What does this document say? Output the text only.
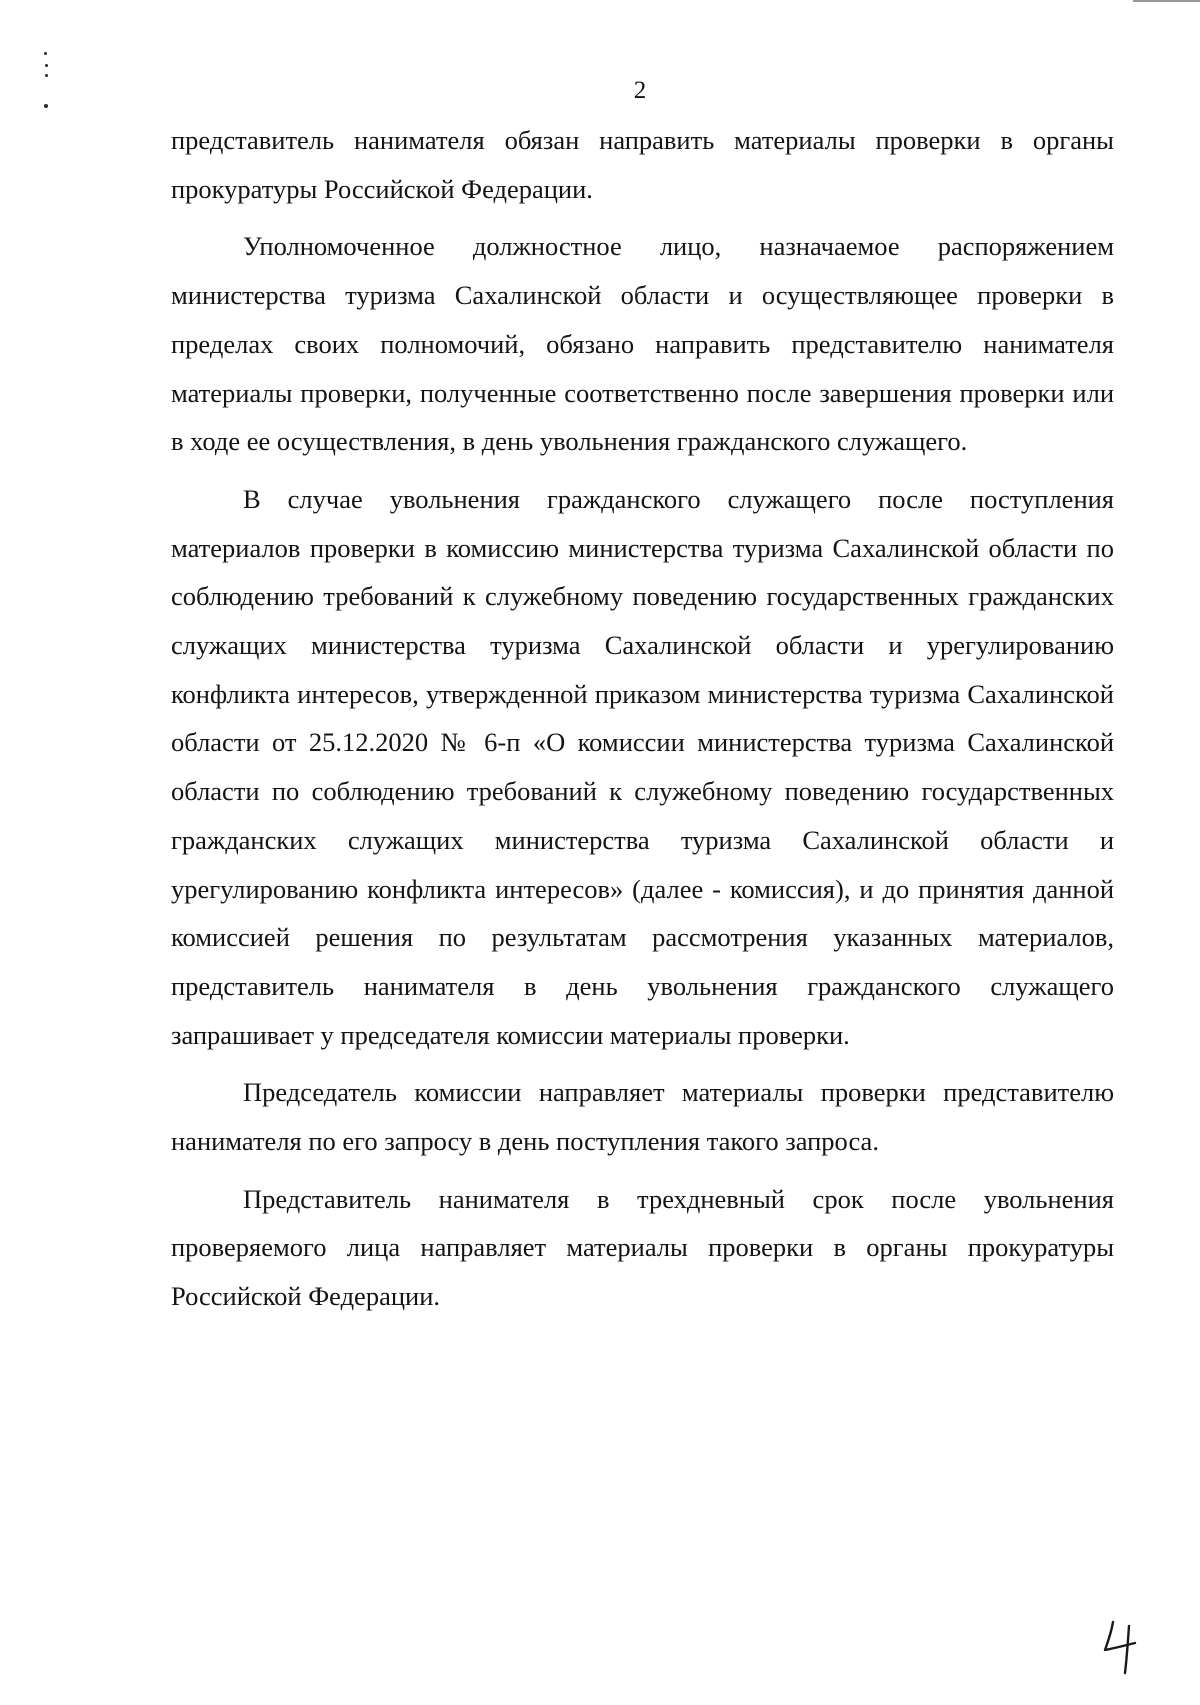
2

представитель нанимателя обязан направить материалы проверки в органы прокуратуры Российской Федерации.

Уполномоченное должностное лицо, назначаемое распоряжением министерства туризма Сахалинской области и осуществляющее проверки в пределах своих полномочий, обязано направить представителю нанимателя материалы проверки, полученные соответственно после завершения проверки или в ходе ее осуществления, в день увольнения гражданского служащего.

В случае увольнения гражданского служащего после поступления материалов проверки в комиссию министерства туризма Сахалинской области по соблюдению требований к служебному поведению государственных гражданских служащих министерства туризма Сахалинской области и урегулированию конфликта интересов, утвержденной приказом министерства туризма Сахалинской области от 25.12.2020 № 6-п «О комиссии министерства туризма Сахалинской области по соблюдению требований к служебному поведению государственных гражданских служащих министерства туризма Сахалинской области и урегулированию конфликта интересов» (далее - комиссия), и до принятия данной комиссией решения по результатам рассмотрения указанных материалов, представитель нанимателя в день увольнения гражданского служащего запрашивает у председателя комиссии материалы проверки.

Председатель комиссии направляет материалы проверки представителю нанимателя по его запросу в день поступления такого запроса.

Представитель нанимателя в трехдневный срок после увольнения проверяемого лица направляет материалы проверки в органы прокуратуры Российской Федерации.
